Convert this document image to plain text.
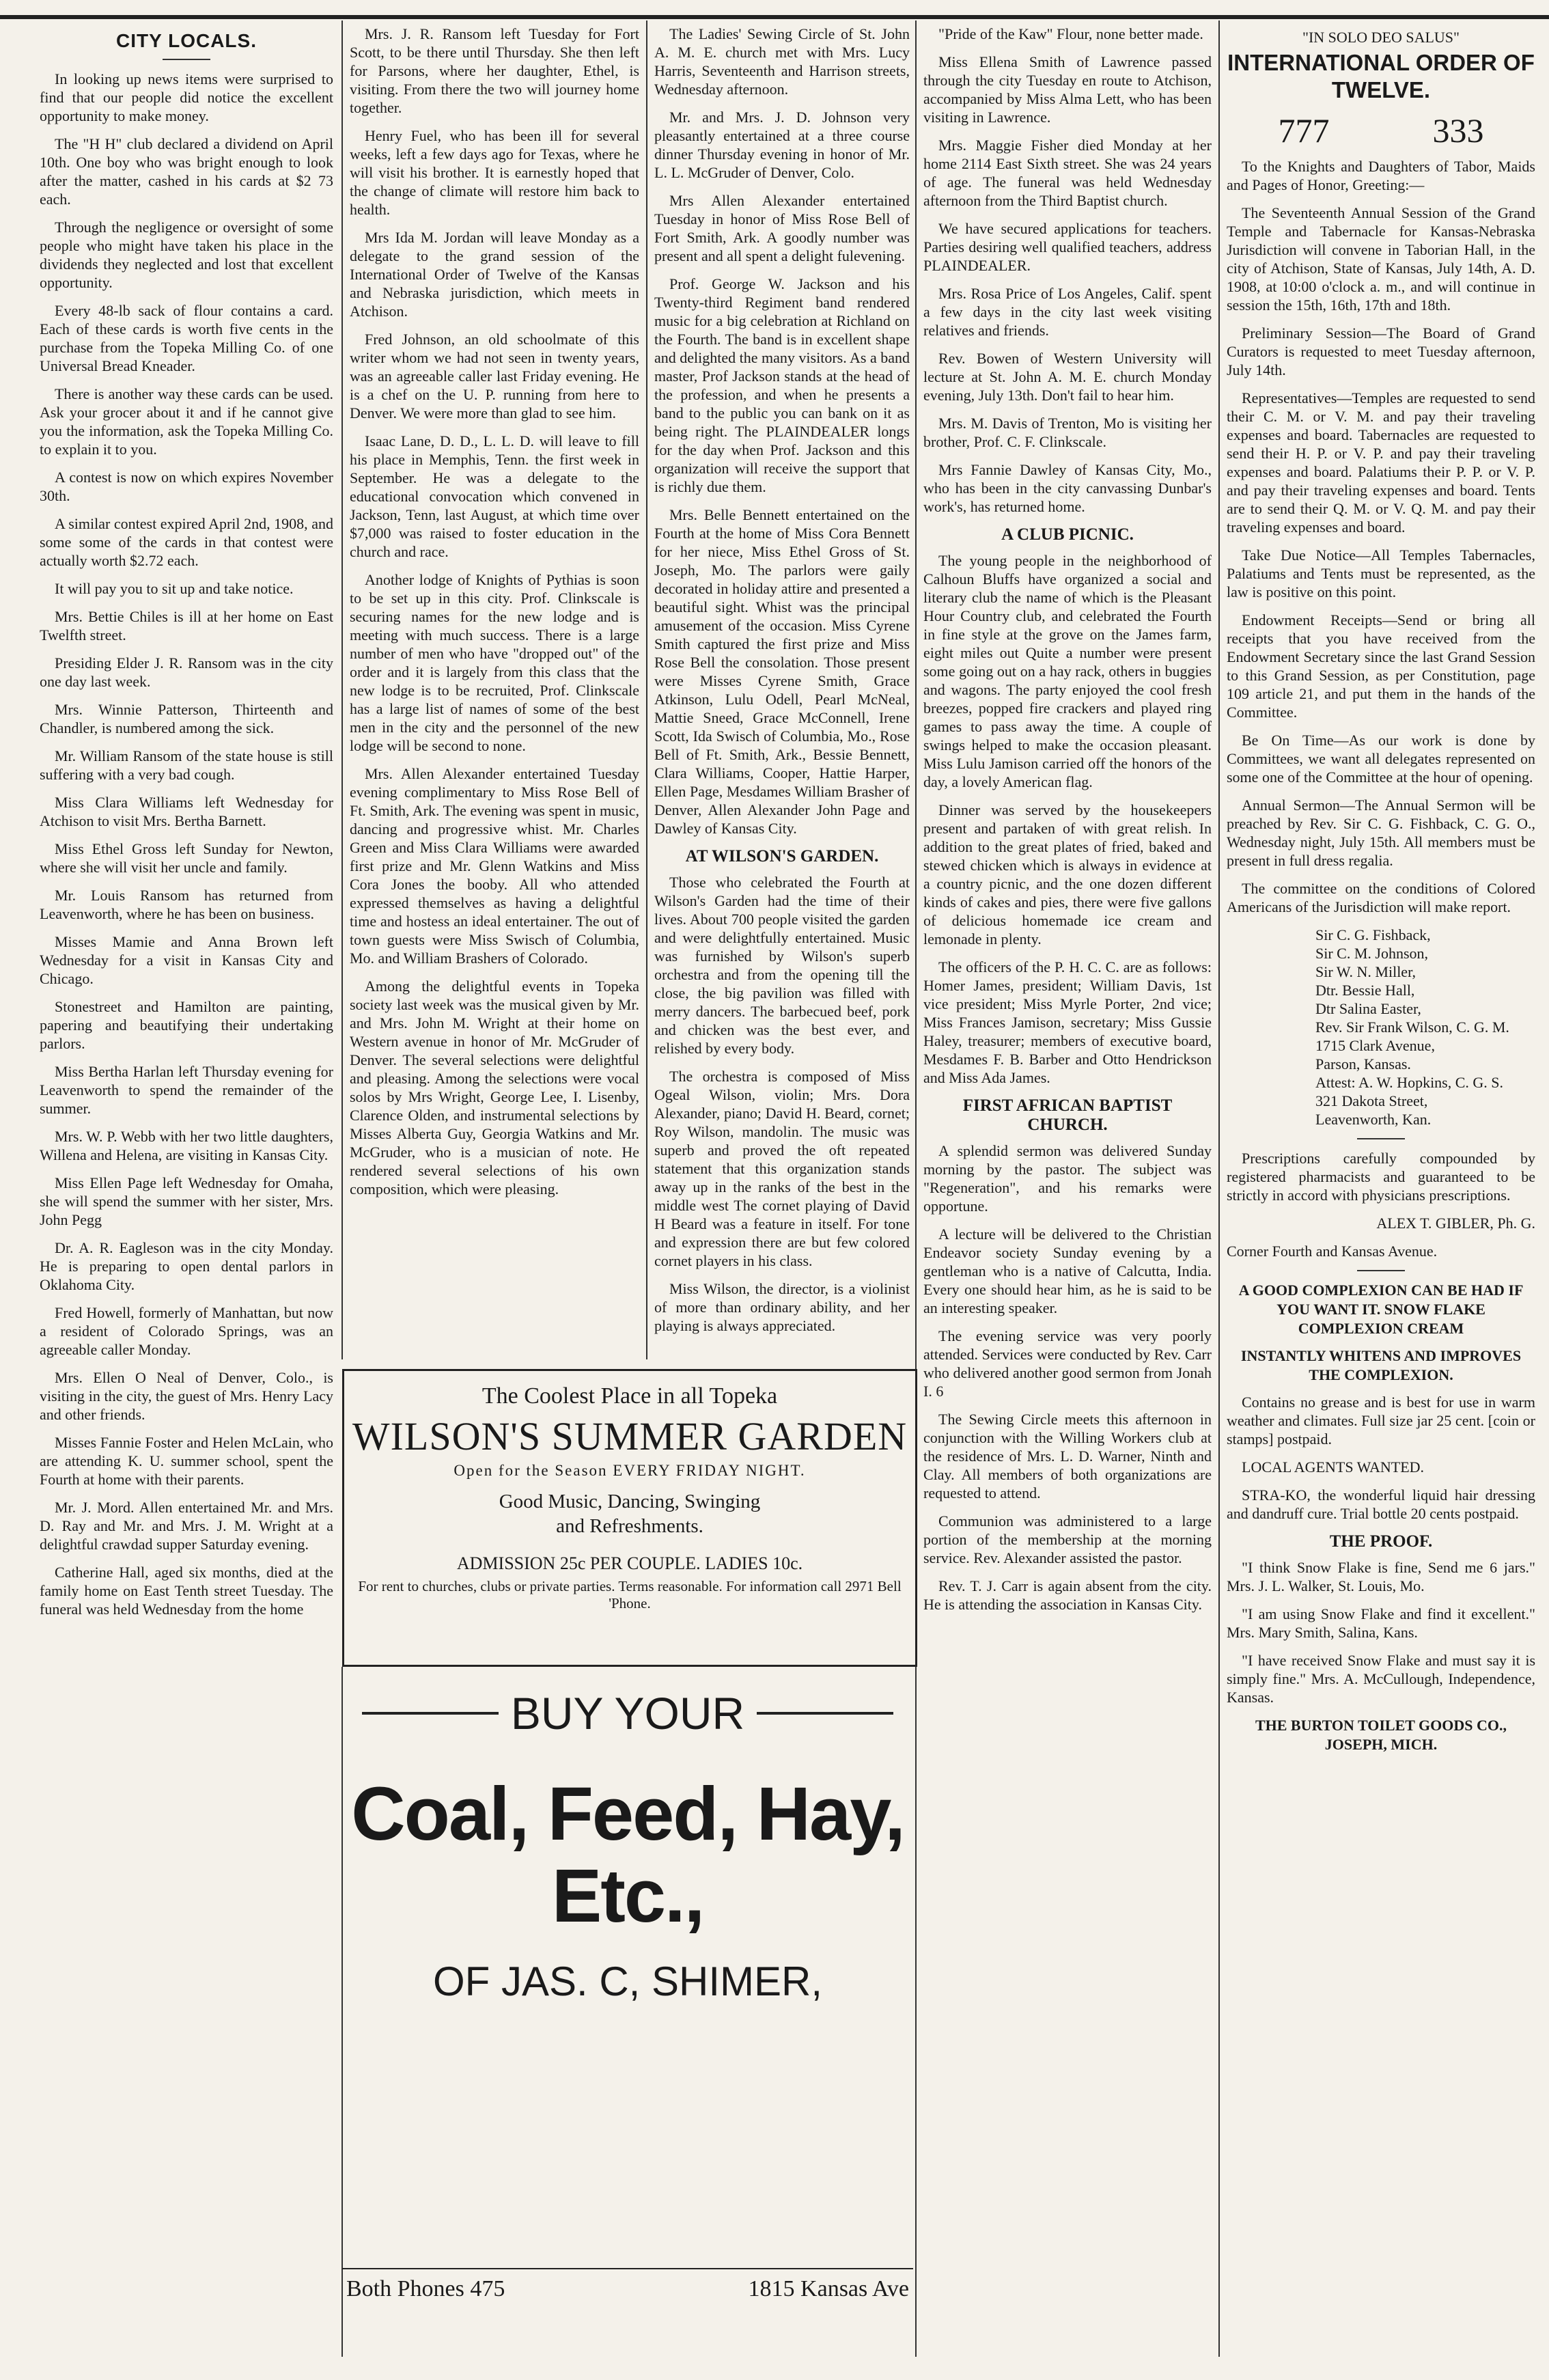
CITY LOCALS.

In looking up news items were surprised to find that our people did notice the excellent opportunity to make money.

The "H H" club declared a dividend on April 10th. One boy who was bright enough to look after the matter, cashed in his cards at $2 73 each.

Through the negligence or oversight of some people who might have taken his place in the dividends they neglected and lost that excellent opportunity.

Every 48-lb sack of flour contains a card. Each of these cards is worth five cents in the purchase from the Topeka Milling Co. of one Universal Bread Kneader.

There is another way these cards can be used. Ask your grocer about it and if he cannot give you the information, ask the Topeka Milling Co. to explain it to you.

A contest is now on which expires November 30th.

A similar contest expired April 2nd, 1908, and some some of the cards in that contest were actually worth $2.72 each.

It will pay you to sit up and take notice.

Mrs. Bettie Chiles is ill at her home on East Twelfth street.

Presiding Elder J. R. Ransom was in the city one day last week.

Mrs. Winnie Patterson, Thirteenth and Chandler, is numbered among the sick.

Mr. William Ransom of the state house is still suffering with a very bad cough.

Miss Clara Williams left Wednesday for Atchison to visit Mrs. Bertha Barnett.

Miss Ethel Gross left Sunday for Newton, where she will visit her uncle and family.

Mr. Louis Ransom has returned from Leavenworth, where he has been on business.

Misses Mamie and Anna Brown left Wednesday for a visit in Kansas City and Chicago.

Stonestreet and Hamilton are painting, papering and beautifying their undertaking parlors.

Miss Bertha Harlan left Thursday evening for Leavenworth to spend the remainder of the summer.

Mrs. W. P. Webb with her two little daughters, Willena and Helena, are visiting in Kansas City.

Miss Ellen Page left Wednesday for Omaha, she will spend the summer with her sister, Mrs. John Pegg

Dr. A. R. Eagleson was in the city Monday. He is preparing to open dental parlors in Oklahoma City.

Fred Howell, formerly of Manhattan, but now a resident of Colorado Springs, was an agreeable caller Monday.

Mrs. Ellen O Neal of Denver, Colo., is visiting in the city, the guest of Mrs. Henry Lacy and other friends.

Misses Fannie Foster and Helen McLain, who are attending K. U. summer school, spent the Fourth at home with their parents.

Mr. J. Mord. Allen entertained Mr. and Mrs. D. Ray and Mr. and Mrs. J. M. Wright at a delightful crawdad supper Saturday evening.

Catherine Hall, aged six months, died at the family home on East Tenth street Tuesday. The funeral was held Wednesday from the home

Mrs. J. R. Ransom left Tuesday for Fort Scott, to be there until Thursday. She then left for Parsons, where her daughter, Ethel, is visiting. From there the two will journey home together.

Henry Fuel, who has been ill for several weeks, left a few days ago for Texas, where he will visit his brother. It is earnestly hoped that the change of climate will restore him back to health.

Mrs Ida M. Jordan will leave Monday as a delegate to the grand session of the International Order of Twelve of the Kansas and Nebraska jurisdiction, which meets in Atchison.

Fred Johnson, an old schoolmate of this writer whom we had not seen in twenty years, was an agreeable caller last Friday evening. He is a chef on the U. P. running from here to Denver. We were more than glad to see him.

Isaac Lane, D. D., L. L. D. will leave to fill his place in Memphis, Tenn. the first week in September. He was a delegate to the educational convocation which convened in Jackson, Tenn, last August, at which time over $7,000 was raised to foster education in the church and race.

Another lodge of Knights of Pythias is soon to be set up in this city. Prof. Clinkscale is securing names for the new lodge and is meeting with much success. There is a large number of men who have "dropped out" of the order and it is largely from this class that the new lodge is to be recruited, Prof. Clinkscale has a large list of names of some of the best men in the city and the personnel of the new lodge will be second to none.

Mrs. Allen Alexander entertained Tuesday evening complimentary to Miss Rose Bell of Ft. Smith, Ark. The evening was spent in music, dancing and progressive whist. Mr. Charles Green and Miss Clara Williams were awarded first prize and Mr. Glenn Watkins and Miss Cora Jones the booby. All who attended expressed themselves as having a delightful time and hostess an ideal entertainer. The out of town guests were Miss Swisch of Columbia, Mo. and William Brashers of Colorado.

Among the delightful events in Topeka society last week was the musical given by Mr. and Mrs. John M. Wright at their home on Western avenue in honor of Mr. McGruder of Denver. The several selections were delightful and pleasing. Among the selections were vocal solos by Mrs Wright, George Lee, I. Lisenby, Clarence Olden, and instrumental selections by Misses Alberta Guy, Georgia Watkins and Mr. McGruder, who is a musician of note. He rendered several selections of his own composition, which were pleasing.

The Ladies' Sewing Circle of St. John A. M. E. church met with Mrs. Lucy Harris, Seventeenth and Harrison streets, Wednesday afternoon.

Mr. and Mrs. J. D. Johnson very pleasantly entertained at a three course dinner Thursday evening in honor of Mr. L. L. McGruder of Denver, Colo.

Mrs Allen Alexander entertained Tuesday in honor of Miss Rose Bell of Fort Smith, Ark. A goodly number was present and all spent a delight fulevening.

Prof. George W. Jackson and his Twenty-third Regiment band rendered music for a big celebration at Richland on the Fourth. The band is in excellent shape and delighted the many visitors. As a band master, Prof Jackson stands at the head of the profession, and when he presents a band to the public you can bank on it as being right. The PLAINDEALER longs for the day when Prof. Jackson and this organization will receive the support that is richly due them.

Mrs. Belle Bennett entertained on the Fourth at the home of Miss Cora Bennett for her niece, Miss Ethel Gross of St. Joseph, Mo. The parlors were gaily decorated in holiday attire and presented a beautiful sight. Whist was the principal amusement of the occasion. Miss Cyrene Smith captured the first prize and Miss Rose Bell the consolation. Those present were Misses Cyrene Smith, Grace Atkinson, Lulu Odell, Pearl McNeal, Mattie Sneed, Grace McConnell, Irene Scott, Ida Swisch of Columbia, Mo., Rose Bell of Ft. Smith, Ark., Bessie Bennett, Clara Williams, Cooper, Hattie Harper, Ellen Page, Mesdames William Brasher of Denver, Allen Alexander John Page and Dawley of Kansas City.

AT WILSON'S GARDEN.

Those who celebrated the Fourth at Wilson's Garden had the time of their lives. About 700 people visited the garden and were delightfully entertained. Music was furnished by Wilson's superb orchestra and from the opening till the close, the big pavilion was filled with merry dancers. The barbecued beef, pork and chicken was the best ever, and relished by every body.

The orchestra is composed of Miss Ogeal Wilson, violin; Mrs. Dora Alexander, piano; David H. Beard, cornet; Roy Wilson, mandolin. The music was superb and proved the oft repeated statement that this organization stands away up in the ranks of the best in the middle west The cornet playing of David H Beard was a feature in itself. For tone and expression there are but few colored cornet players in his class.

Miss Wilson, the director, is a violinist of more than ordinary ability, and her playing is always appreciated.

"Pride of the Kaw" Flour, none better made.

Miss Ellena Smith of Lawrence passed through the city Tuesday en route to Atchison, accompanied by Miss Alma Lett, who has been visiting in Lawrence.

Mrs. Maggie Fisher died Monday at her home 2114 East Sixth street. She was 24 years of age. The funeral was held Wednesday afternoon from the Third Baptist church.

We have secured applications for teachers. Parties desiring well qualified teachers, address PLAINDEALER.

Mrs. Rosa Price of Los Angeles, Calif. spent a few days in the city last week visiting relatives and friends.

Rev. Bowen of Western University will lecture at St. John A. M. E. church Monday evening, July 13th. Don't fail to hear him.

Mrs. M. Davis of Trenton, Mo is visiting her brother, Prof. C. F. Clinkscale.

Mrs Fannie Dawley of Kansas City, Mo., who has been in the city canvassing Dunbar's work's, has returned home.

A CLUB PICNIC.

The young people in the neighborhood of Calhoun Bluffs have organized a social and literary club the name of which is the Pleasant Hour Country club, and celebrated the Fourth in fine style at the grove on the James farm, eight miles out Quite a number were present some going out on a hay rack, others in buggies and wagons. The party enjoyed the cool fresh breezes, popped fire crackers and played ring games to pass away the time. A couple of swings helped to make the occasion pleasant. Miss Lulu Jamison carried off the honors of the day, a lovely American flag.

Dinner was served by the housekeepers present and partaken of with great relish. In addition to the great plates of fried, baked and stewed chicken which is always in evidence at a country picnic, and the one dozen different kinds of cakes and pies, there were five gallons of delicious homemade ice cream and lemonade in plenty.

The officers of the P. H. C. C. are as follows: Homer James, president; William Davis, 1st vice president; Miss Myrle Porter, 2nd vice; Miss Frances Jamison, secretary; Miss Gussie Haley, treasurer; members of executive board, Mesdames F. B. Barber and Otto Hendrickson and Miss Ada James.

FIRST AFRICAN BAPTIST CHURCH.

A splendid sermon was delivered Sunday morning by the pastor. The subject was "Regeneration", and his remarks were opportune.

A lecture will be delivered to the Christian Endeavor society Sunday evening by a gentleman who is a native of Calcutta, India. Every one should hear him, as he is said to be an interesting speaker.

The evening service was very poorly attended. Services were conducted by Rev. Carr who delivered another good sermon from Jonah I. 6

The Sewing Circle meets this afternoon in conjunction with the Willing Workers club at the residence of Mrs. L. D. Warner, Ninth and Clay. All members of both organizations are requested to attend.

Communion was administered to a large portion of the membership at the morning service. Rev. Alexander assisted the pastor.

Rev. T. J. Carr is again absent from the city. He is attending the association in Kansas City.

"IN SOLO DEO SALUS"
INTERNATIONAL ORDER OF TWELVE.
777	333

To the Knights and Daughters of Tabor, Maids and Pages of Honor, Greeting:—

The Seventeenth Annual Session of the Grand Temple and Tabernacle for Kansas-Nebraska Jurisdiction will convene in Taborian Hall, in the city of Atchison, State of Kansas, July 14th, A. D. 1908, at 10:00 o'clock a. m., and will continue in session the 15th, 16th, 17th and 18th.

Preliminary Session—The Board of Grand Curators is requested to meet Tuesday afternoon, July 14th.

Representatives—Temples are requested to send their C. M. or V. M. and pay their traveling expenses and board. Tabernacles are requested to send their H. P. or V. P. and pay their traveling expenses and board. Palatiums their P. P. or V. P. and pay their traveling expenses and board. Tents are to send their Q. M. or V. Q. M. and pay their traveling expenses and board.

Take Due Notice—All Temples Tabernacles, Palatiums and Tents must be represented, as the law is positive on this point.

Endowment Receipts—Send or bring all receipts that you have received from the Endowment Secretary since the last Grand Session to this Grand Session, as per Constitution, page 109 article 21, and put them in the hands of the Committee.

Be On Time—As our work is done by Committees, we want all delegates represented on some one of the Committee at the hour of opening.

Annual Sermon—The Annual Sermon will be preached by Rev. Sir C. G. Fishback, C. G. O., Wednesday night, July 15th. All members must be present in full dress regalia.

The committee on the conditions of Colored Americans of the Jurisdiction will make report.

Sir C. G. Fishback,
Sir C. M. Johnson,
Sir W. N. Miller,
Dtr. Bessie Hall,
Dtr Salina Easter,
Rev. Sir Frank Wilson, C. G. M.
1715 Clark Avenue,
Parson, Kansas.
Attest: A. W. Hopkins, C. G. S.
321 Dakota Street,
Leavenworth, Kan.

Prescriptions carefully compounded by registered pharmacists and guaranteed to be strictly in accord with physicians prescriptions.

ALEX T. GIBLER, Ph. G.

Corner Fourth and Kansas Avenue.

A GOOD COMPLEXION CAN BE HAD IF YOU WANT IT. SNOW FLAKE COMPLEXION CREAM
INSTANTLY WHITENS AND IMPROVES THE COMPLEXION.

Contains no grease and is best for use in warm weather and climates. Full size jar 25 cent. [coin or stamps] postpaid.

LOCAL AGENTS WANTED.

STRA-KO, the wonderful liquid hair dressing and dandruff cure. Trial bottle 20 cents postpaid.

THE PROOF.

"I think Snow Flake is fine, Send me 6 jars." Mrs. J. L. Walker, St. Louis, Mo.

"I am using Snow Flake and find it excellent." Mrs. Mary Smith, Salina, Kans.

"I have received Snow Flake and must say it is simply fine." Mrs. A. McCullough, Independence, Kansas.

THE BURTON TOILET GOODS CO., JOSEPH, MICH.
The Coolest Place in all Topeka
WILSON'S SUMMER GARDEN
Open for the Season EVERY FRIDAY NIGHT.
Good Music, Dancing, Swinging
and Refreshments.
ADMISSION 25c PER COUPLE. LADIES 10c.
For rent to churches, clubs or private parties. Terms reasonable. For information call 2971 Bell 'Phone.
BUY YOUR
Coal, Feed, Hay, Etc.,
OF JAS. C, SHIMER,
Both Phones 475	1815 Kansas Ave
